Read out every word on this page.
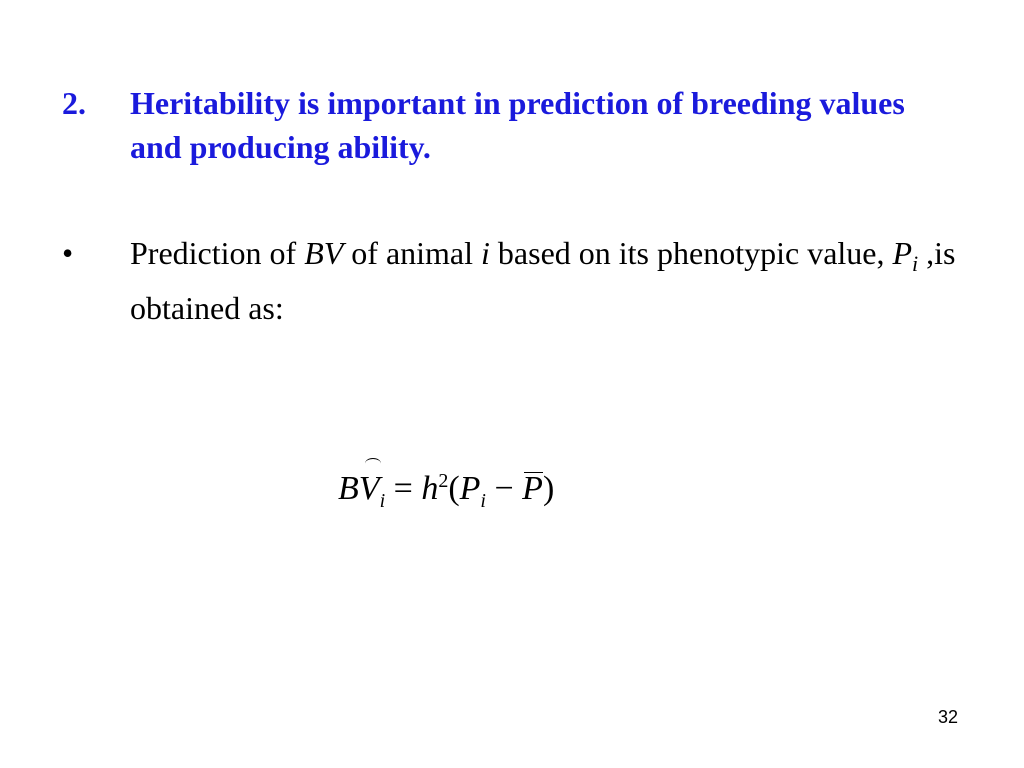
2. Heritability is important in prediction of breeding values and producing ability.
• Prediction of BV of animal i based on its phenotypic value, $P_i$ ,is obtained as:
B
$V_i = h^2(P_i$ −
P)
32
